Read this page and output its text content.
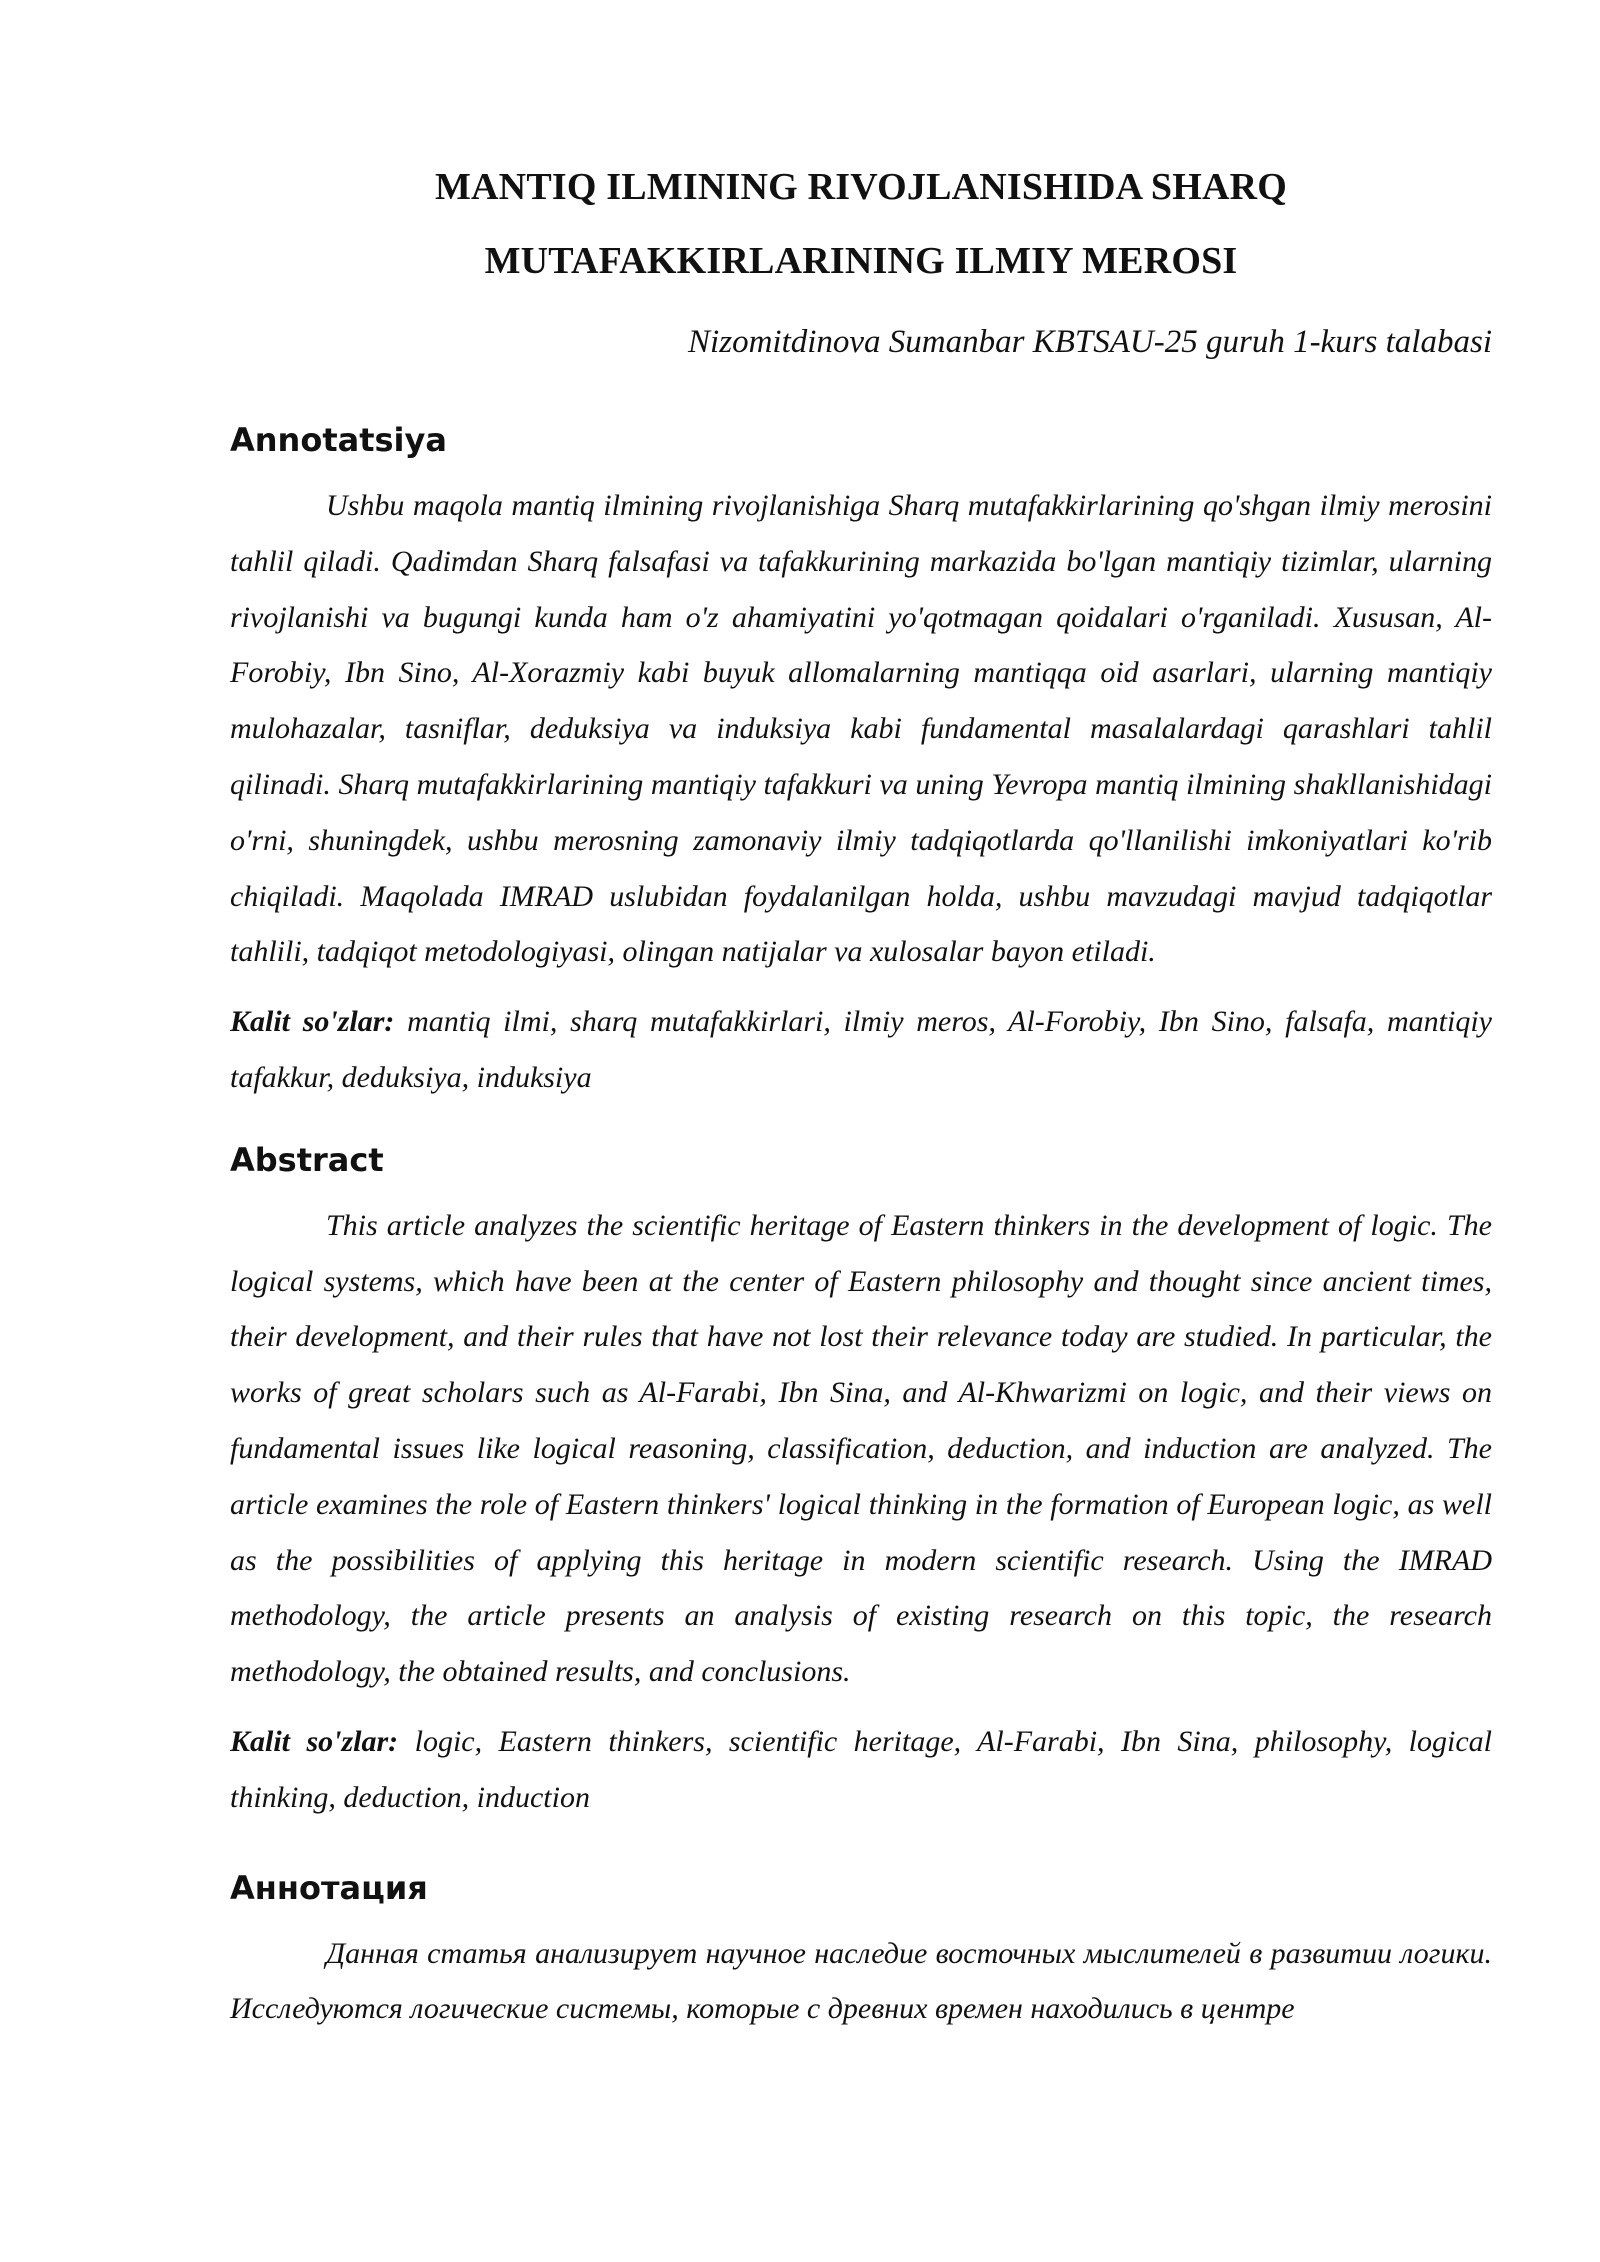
MANTIQ ILMINING RIVOJLANISHIDA SHARQ
MUTAFAKKIRLARINING ILMIY MEROSI

Nizomitdinova Sumanbar KBTSAU-25 guruh 1-kurs talabasi

Annotatsiya

Ushbu maqola mantiq ilmining rivojlanishiga Sharq mutafakkirlarining qo'shgan ilmiy merosini tahlil qiladi. Qadimdan Sharq falsafasi va tafakkurining markazida bo'lgan mantiqiy tizimlar, ularning rivojlanishi va bugungi kunda ham o'z ahamiyatini yo'qotmagan qoidalari o'rganiladi. Xususan, Al-Forobiy, Ibn Sino, Al-Xorazmiy kabi buyuk allomalarning mantiqqa oid asarlari, ularning mantiqiy mulohazalar, tasniflar, deduksiya va induksiya kabi fundamental masalalardagi qarashlari tahlil qilinadi. Sharq mutafakkirlarining mantiqiy tafakkuri va uning Yevropa mantiq ilmining shakllanishidagi o'rni, shuningdek, ushbu merosning zamonaviy ilmiy tadqiqotlarda qo'llanilishi imkoniyatlari ko'rib chiqiladi. Maqolada IMRAD uslubidan foydalanilgan holda, ushbu mavzudagi mavjud tadqiqotlar tahlili, tadqiqot metodologiyasi, olingan natijalar va xulosalar bayon etiladi.

Kalit so'zlar: mantiq ilmi, sharq mutafakkirlari, ilmiy meros, Al-Forobiy, Ibn Sino, falsafa, mantiqiy tafakkur, deduksiya, induksiya

Abstract

This article analyzes the scientific heritage of Eastern thinkers in the development of logic. The logical systems, which have been at the center of Eastern philosophy and thought since ancient times, their development, and their rules that have not lost their relevance today are studied. In particular, the works of great scholars such as Al-Farabi, Ibn Sina, and Al-Khwarizmi on logic, and their views on fundamental issues like logical reasoning, classification, deduction, and induction are analyzed. The article examines the role of Eastern thinkers' logical thinking in the formation of European logic, as well as the possibilities of applying this heritage in modern scientific research. Using the IMRAD methodology, the article presents an analysis of existing research on this topic, the research methodology, the obtained results, and conclusions.

Kalit so'zlar: logic, Eastern thinkers, scientific heritage, Al-Farabi, Ibn Sina, philosophy, logical thinking, deduction, induction

Аннотация

Данная статья анализирует научное наследие восточных мыслителей в развитии логики. Исследуются логические системы, которые с древних времен находились в центре
